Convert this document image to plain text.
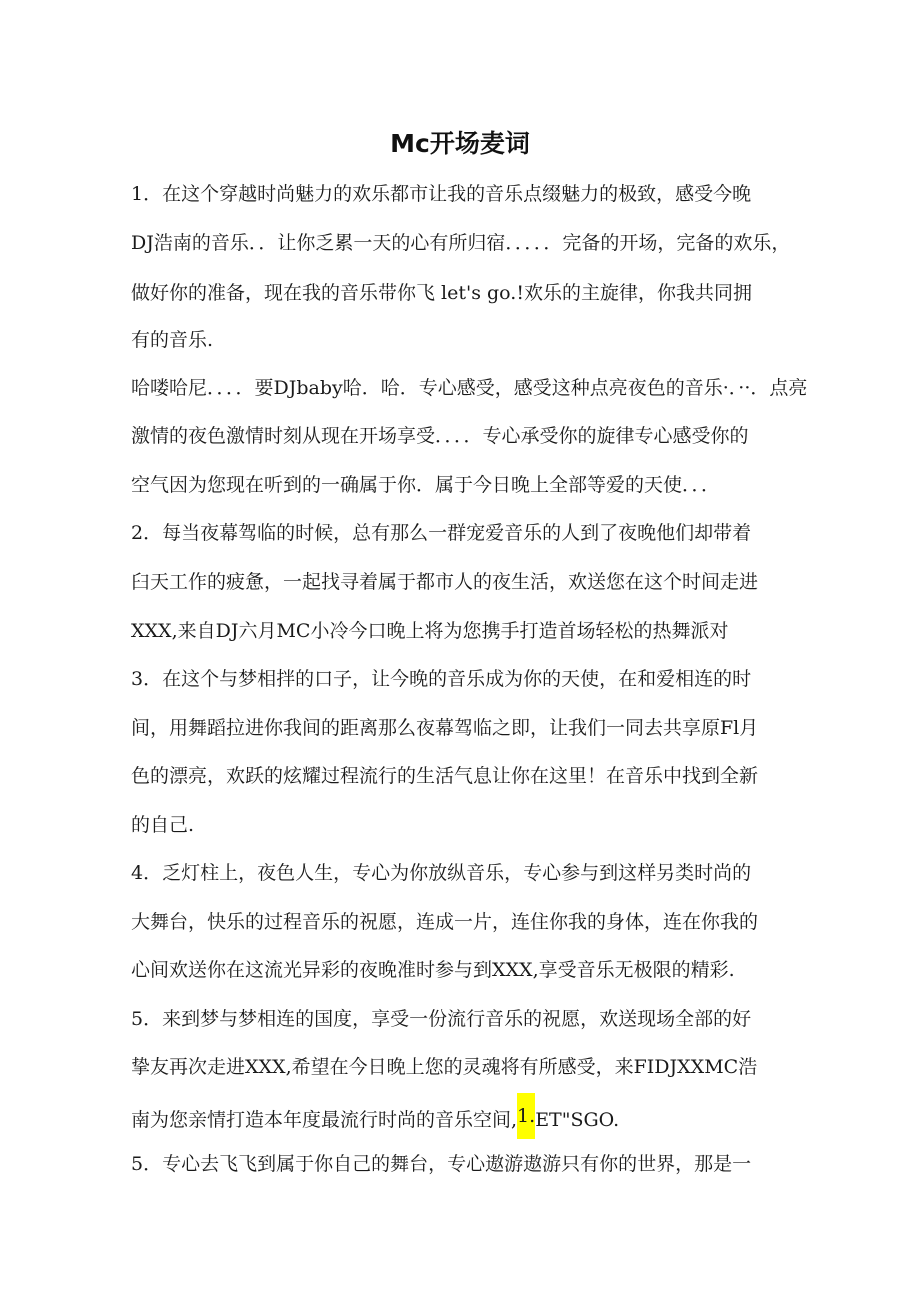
Mc开场麦词
1．在这个穿越时尚魅力的欢乐都市让我的音乐点缀魅力的极致，感受今晚
DJ浩南的音乐．．让你乏累一天的心有所归宿．．．．．完备的开场，完备的欢乐，
做好你的准备，现在我的音乐带你飞 let's go.!欢乐的主旋律，你我共同拥
有的音乐.
哈喽哈尼．．．．要DJbaby哈．哈．专心感受，感受这种点亮夜色的音乐·．··．点亮
激情的夜色激情时刻从现在开场享受．．．．专心承受你的旋律专心感受你的
空气因为您现在听到的一确属于你．属于今日晚上全部等爱的天使．．．
2．每当夜幕驾临的时候，总有那么一群宠爱音乐的人到了夜晚他们却带着
臼天工作的疲惫，一起找寻着属于都市人的夜生活，欢送您在这个时间走进
XXX,来自DJ六月MC小冷今口晚上将为您携手打造首场轻松的热舞派对
3．在这个与梦相拌的口子，让今晚的音乐成为你的天使，在和爱相连的时
间，用舞蹈拉进你我间的距离那么夜幕驾临之即，让我们一同去共享原Fl月
色的漂亮，欢跃的炫耀过程流行的生活气息让你在这里！在音乐中找到全新
的自己.
4．乏灯柱上，夜色人生，专心为你放纵音乐，专心参与到这样另类时尚的
大舞台，快乐的过程音乐的祝愿，连成一片，连住你我的身体，连在你我的
心间欢送你在这流光异彩的夜晚准时参与到XXX,享受音乐无极限的精彩.
5．来到梦与梦相连的国度，享受一份流行音乐的祝愿，欢送现场全部的好
挚友再次走进XXX,希望在今日晚上您的灵魂将有所感受，来FIDJXXMC浩
南为您亲情打造本年度最流行时尚的音乐空间,1.ET"SGO.
5．专心去飞飞到属于你自己的舞台，专心遨游遨游只有你的世界，那是一
